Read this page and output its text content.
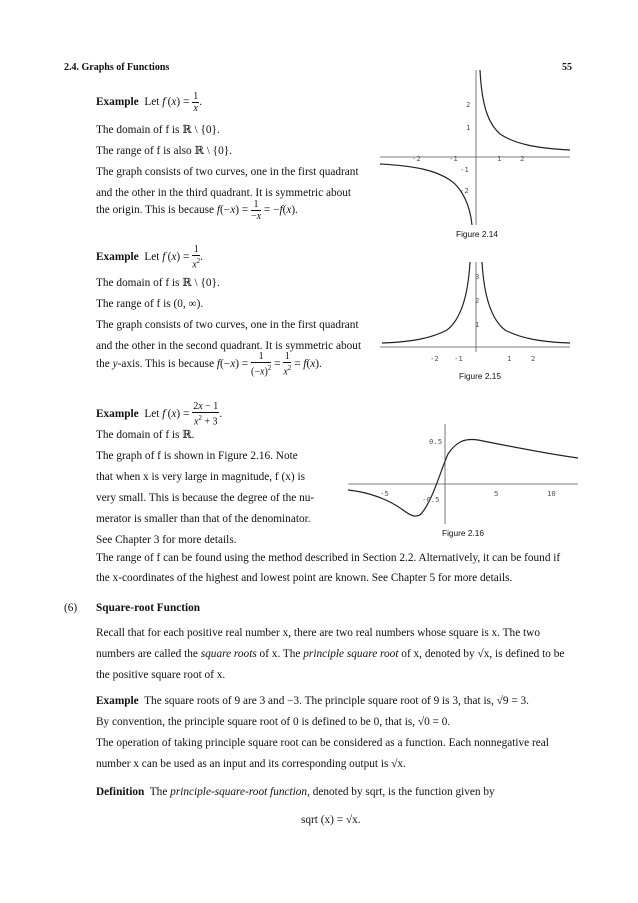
2.4. Graphs of Functions	55
Example Let f $(x) = \frac{1}{x}$ .
The domain of f is ℝ \ {0}.
The range of f is also ℝ \ {0}.
The graph consists of two curves, one in the first quadrant
and the other in the third quadrant. It is symmetric about
the origin. This is because $f(-x) = \frac{1}{-x} = -f(x)$.
-2	-1	1	2
2
1
-1
-2
Figure 2.14
Example Let f $(x) = \frac{1}{x^2}$ .
The domain of f is ℝ \ {0}.
The range of f is (0, ∞).
The graph consists of two curves, one in the first quadrant
and the other in the second quadrant. It is symmetric about
the y-axis. This is because $f(-x) = \frac{1}{(-x)^2} = \frac{1}{x^2} = f(x)$.	-2 -1	1	2
3
2
1
Figure 2.15
Example Let f $(x) = \frac{2x - 1}{x^2 + 3}$ .
The domain of f is ℝ.
The graph of f is shown in Figure 2.16. Note
that when x is very large in magnitude, f (x) is
very small. This is because the degree of the nu-
merator is smaller than that of the denominator.
See Chapter 3 for more details.
-5	5	10
0.5
-0.5
Figure 2.16
The range of f can be found using the method described in Section 2.2. Alternatively, it can be found if
the x-coordinates of the highest and lowest point are known. See Chapter 5 for more details.
(6) Square-root Function
Recall that for each positive real number x, there are two real numbers whose square is x. The two
numbers are called the square roots of x. The principle square root of x, denoted by √x, is defined to be
the positive square root of x.
Example The square roots of 9 are 3 and −3. The principle square root of 9 is 3, that is, √9 = 3.
By convention, the principle square root of 0 is defined to be 0, that is, √0 = 0.
The operation of taking principle square root can be considered as a function. Each nonnegative real
number x can be used as an input and its corresponding output is √x.
Definition The principle-square-root function, denoted by sqrt, is the function given by
sqrt (x) = √x.
